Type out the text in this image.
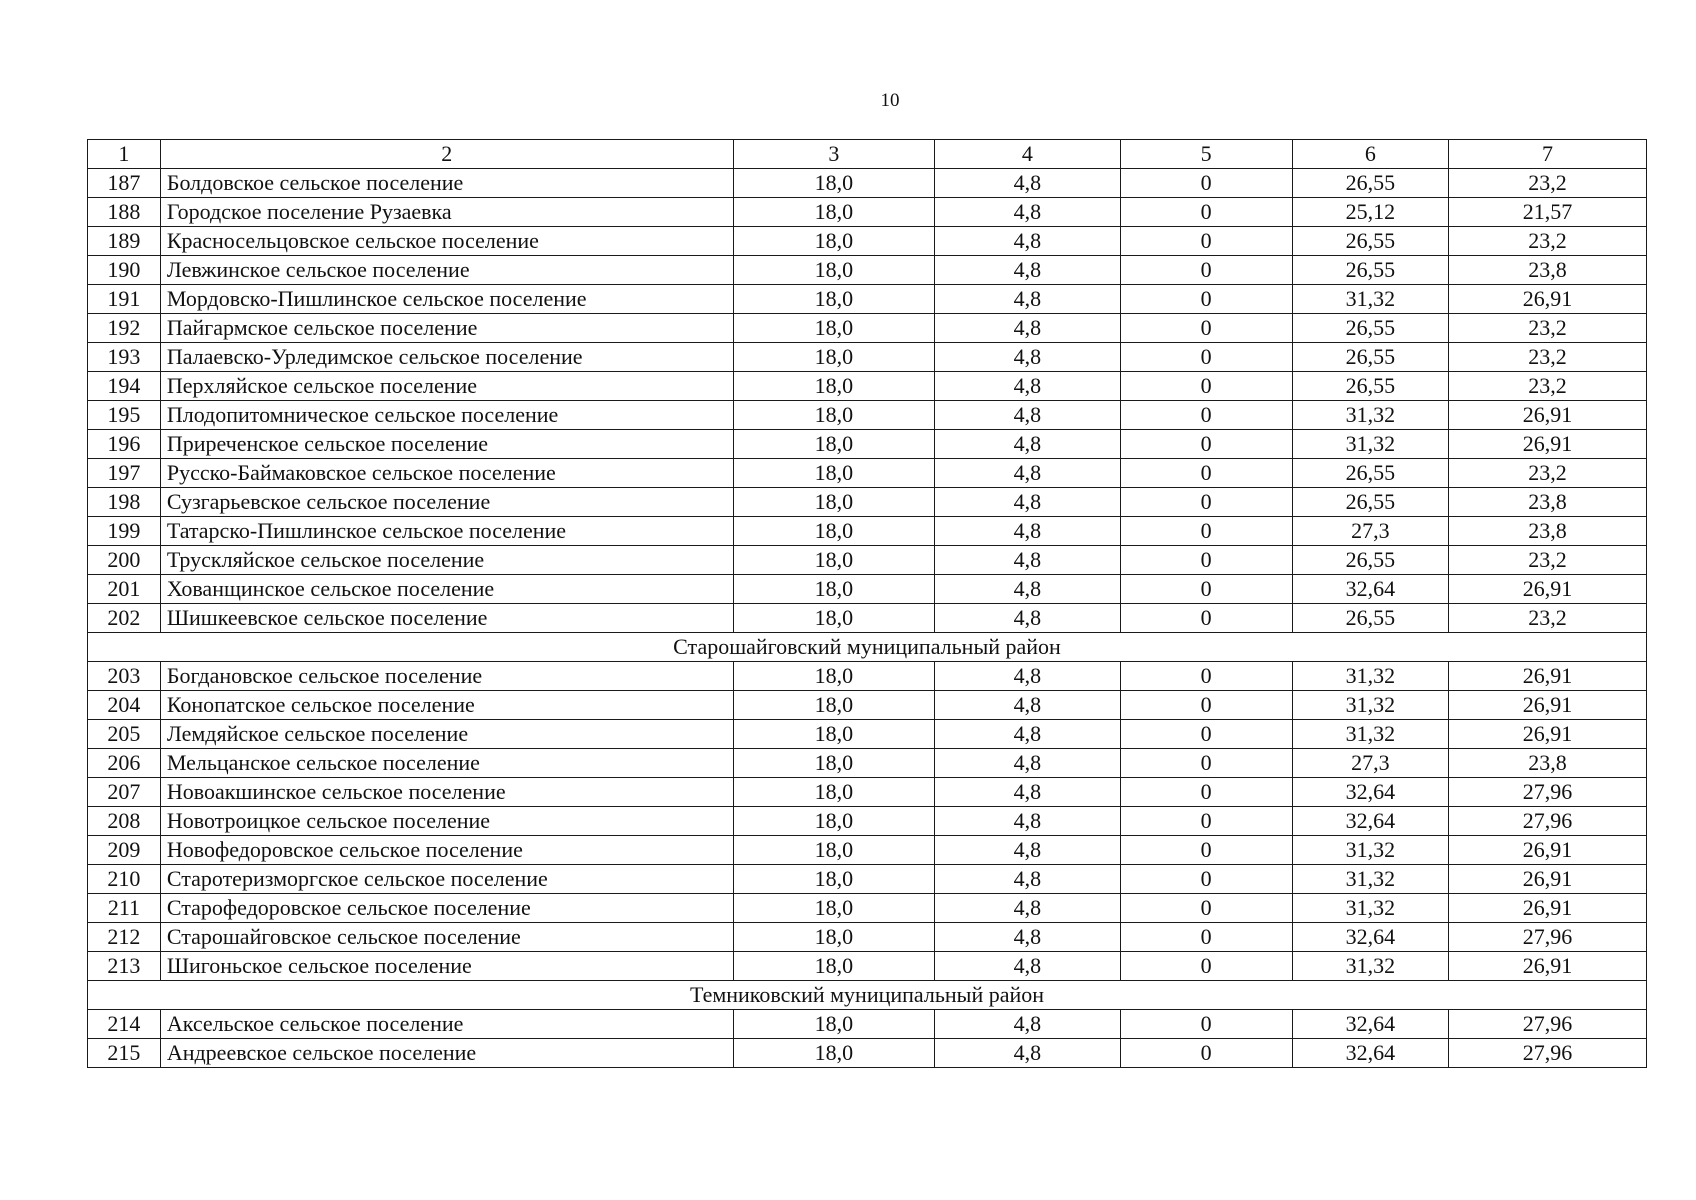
10
1	2	3	4	5	6	7
187	Болдовское сельское поселение	18,0	4,8	0	26,55	23,2
188	Городское поселение Рузаевка	18,0	4,8	0	25,12	21,57
189	Красносельцовское сельское поселение	18,0	4,8	0	26,55	23,2
190	Левжинское сельское поселение	18,0	4,8	0	26,55	23,8
191	Мордовско-Пишлинское сельское поселение	18,0	4,8	0	31,32	26,91
192	Пайгармское сельское поселение	18,0	4,8	0	26,55	23,2
193	Палаевско-Урледимское сельское поселение	18,0	4,8	0	26,55	23,2
194	Перхляйское сельское поселение	18,0	4,8	0	26,55	23,2
195	Плодопитомническое сельское поселение	18,0	4,8	0	31,32	26,91
196	Приреченское сельское поселение	18,0	4,8	0	31,32	26,91
197	Русско-Баймаковское сельское поселение	18,0	4,8	0	26,55	23,2
198	Сузгарьевское сельское поселение	18,0	4,8	0	26,55	23,8
199	Татарско-Пишлинское сельское поселение	18,0	4,8	0	27,3	23,8
200	Трускляйское сельское поселение	18,0	4,8	0	26,55	23,2
201	Хованщинское сельское поселение	18,0	4,8	0	32,64	26,91
202	Шишкеевское сельское поселение	18,0	4,8	0	26,55	23,2
Старошайговский муниципальный район						
203	Богдановское сельское поселение	18,0	4,8	0	31,32	26,91
204	Конопатское сельское поселение	18,0	4,8	0	31,32	26,91
205	Лемдяйское сельское поселение	18,0	4,8	0	31,32	26,91
206	Мельцанское сельское поселение	18,0	4,8	0	27,3	23,8
207	Новоакшинское сельское поселение	18,0	4,8	0	32,64	27,96
208	Новотроицкое сельское поселение	18,0	4,8	0	32,64	27,96
209	Новофедоровское сельское поселение	18,0	4,8	0	31,32	26,91
210	Старотеризморгское сельское поселение	18,0	4,8	0	31,32	26,91
211	Старофедоровское сельское поселение	18,0	4,8	0	31,32	26,91
212	Старошайговское сельское поселение	18,0	4,8	0	32,64	27,96
213	Шигоньское сельское поселение	18,0	4,8	0	31,32	26,91
Темниковский муниципальный район						
214	Аксельское сельское поселение	18,0	4,8	0	32,64	27,96
215	Андреевское сельское поселение	18,0	4,8	0	32,64	27,96
